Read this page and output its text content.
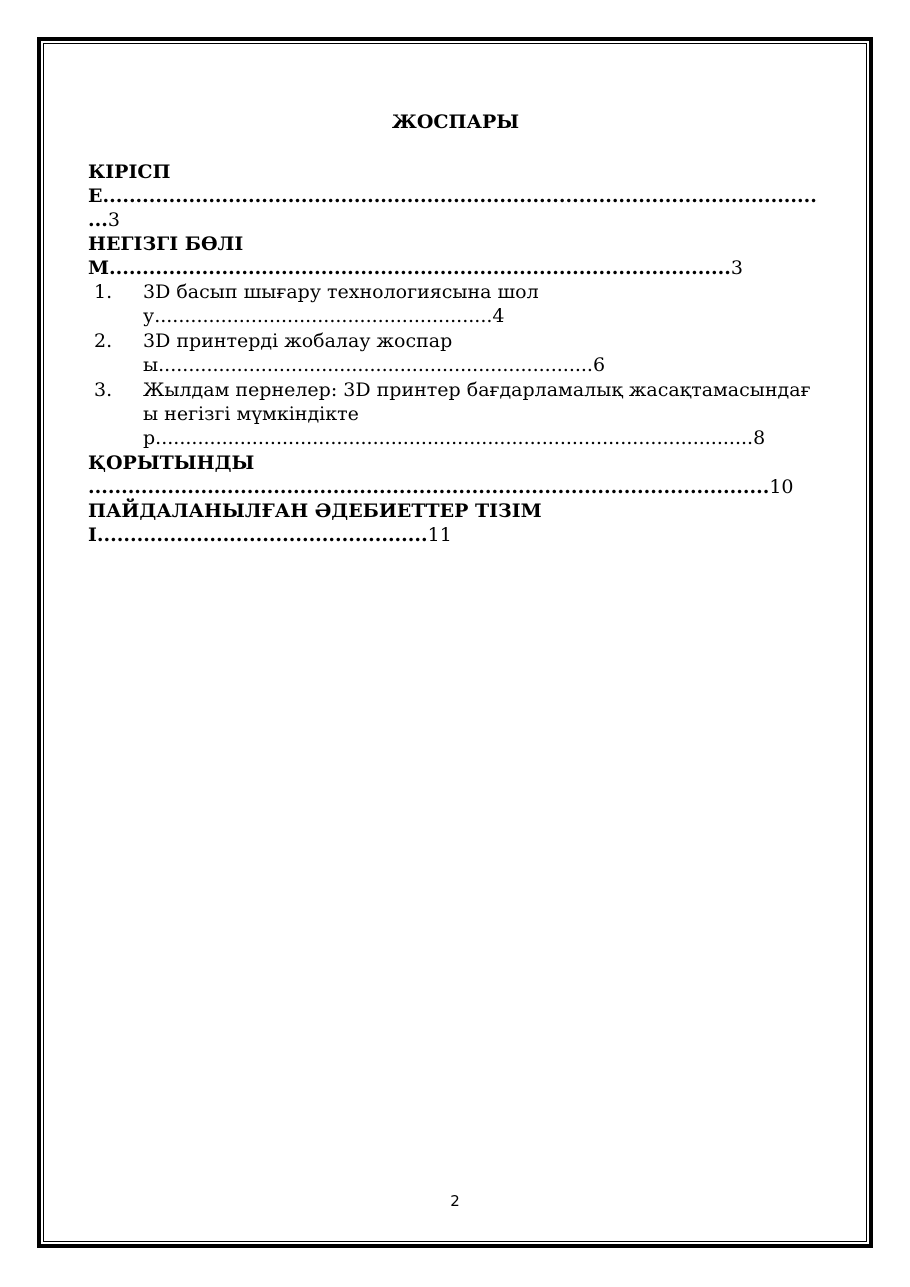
ЖОСПАРЫ
КІРІСПЕ...............................................................................................................3
НЕГІЗГІ БӨЛІМ..............................................................................................3
1. 3D басып шығару технологиясына шолу........................................................4
2. 3D принтерді жобалау жоспары........................................................................6
3. Жылдам пернелер: 3D принтер бағдарламалық жасақтамасындағы негізгі мүмкіндіктер...................................................................................................8
ҚОРЫТЫНДЫ .......................................................................................................10
ПАЙДАЛАНЫЛҒАН ӘДЕБИЕТТЕР ТІЗІМІ..................................................11
2
